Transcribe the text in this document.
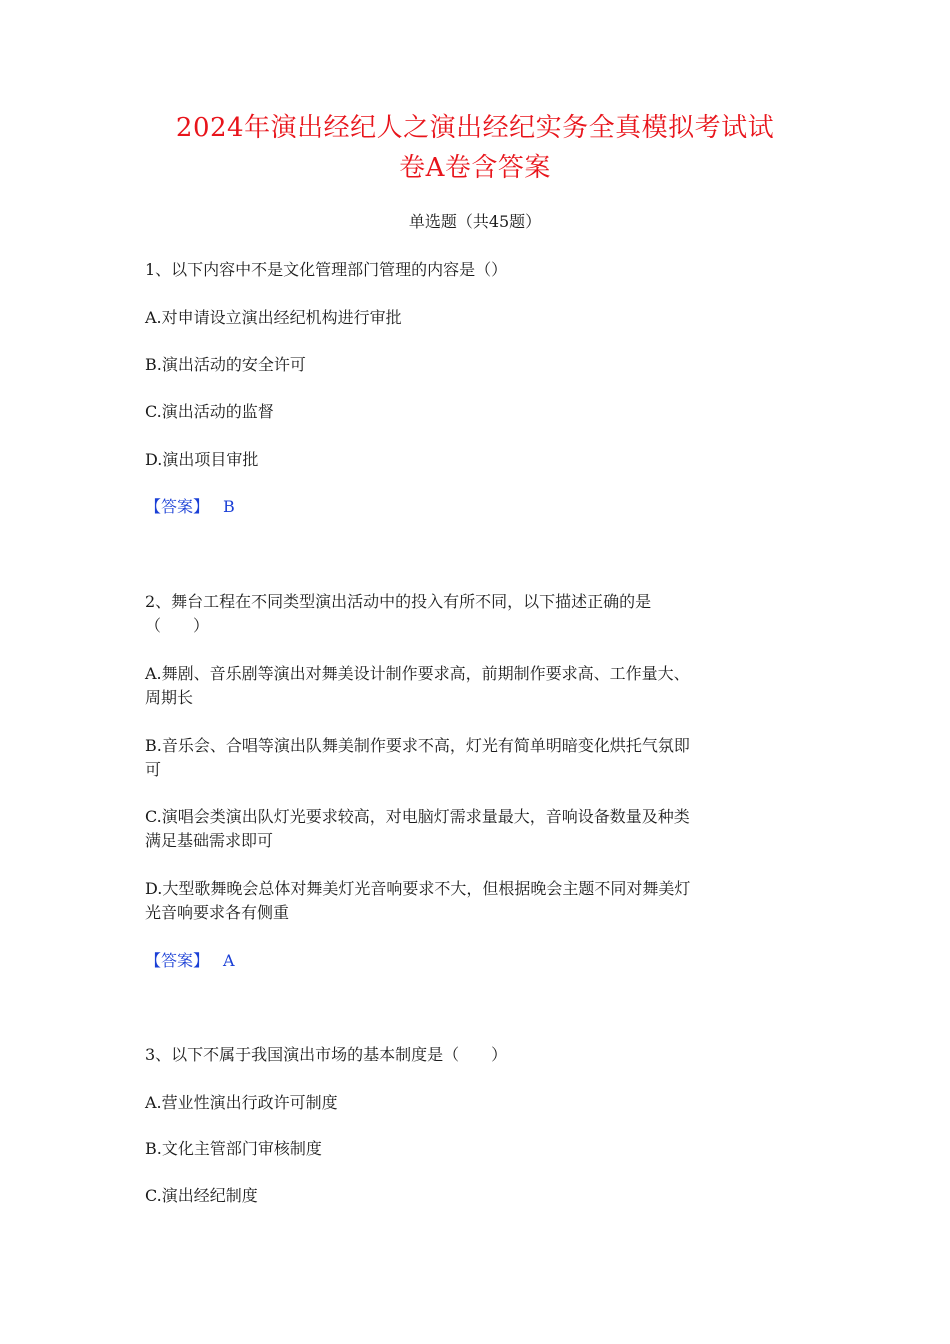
2024年演出经纪人之演出经纪实务全真模拟考试试
卷A卷含答案
单选题（共45题）
1、以下内容中不是文化管理部门管理的内容是（）
A.对申请设立演出经纪机构进行审批
B.演出活动的安全许可
C.演出活动的监督
D.演出项目审批
【答案】 B
2、舞台工程在不同类型演出活动中的投入有所不同，以下描述正确的是
（　　）
A.舞剧、音乐剧等演出对舞美设计制作要求高，前期制作要求高、工作量大、
周期长
B.音乐会、合唱等演出队舞美制作要求不高，灯光有简单明暗变化烘托气氛即
可
C.演唱会类演出队灯光要求较高，对电脑灯需求量最大，音响设备数量及种类
满足基础需求即可
D.大型歌舞晚会总体对舞美灯光音响要求不大，但根据晚会主题不同对舞美灯
光音响要求各有侧重
【答案】 A
3、以下不属于我国演出市场的基本制度是（　　）
A.营业性演出行政许可制度
B.文化主管部门审核制度
C.演出经纪制度
